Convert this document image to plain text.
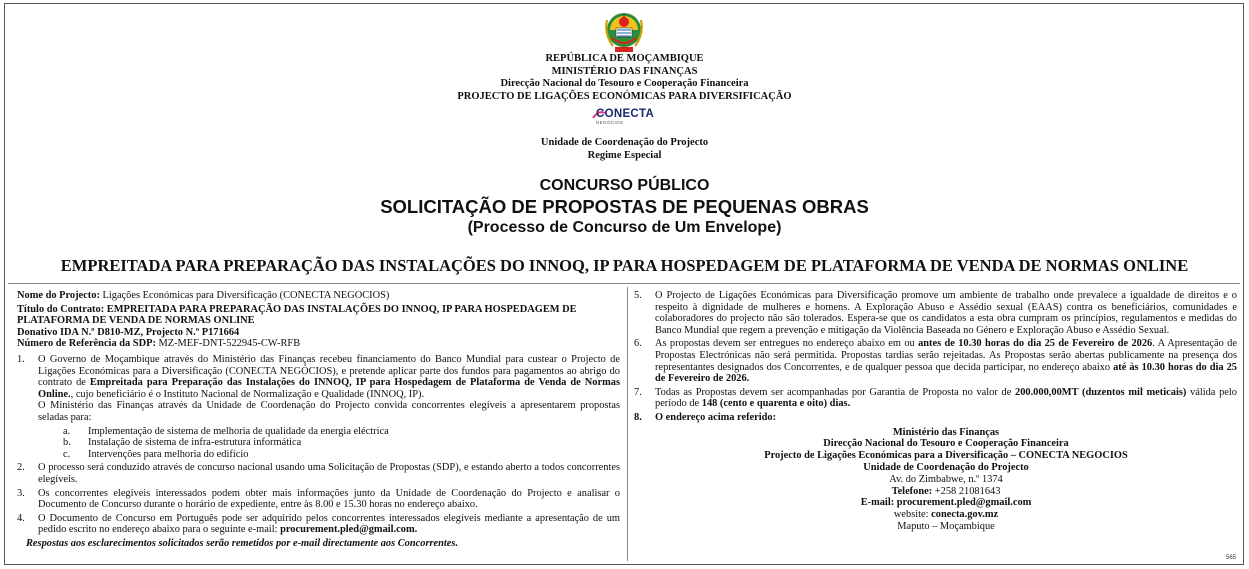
REPÚBLICA DE MOÇAMBIQUE
MINISTÉRIO DAS FINANÇAS
Direcção Nacional do Tesouro e Cooperação Financeira
PROJECTO DE LIGAÇÕES ECONÓMICAS PARA DIVERSIFICAÇÃO
CONECTA
NEGÓCIOS
Unidade de Coordenação do Projecto
Regime Especial
CONCURSO PÚBLICO
SOLICITAÇÃO DE PROPOSTAS DE PEQUENAS OBRAS
(Processo de Concurso de Um Envelope)
EMPREITADA PARA PREPARAÇÃO DAS INSTALAÇÕES DO INNOQ, IP PARA HOSPEDAGEM DE PLATAFORMA DE VENDA DE NORMAS ONLINE
Nome do Projecto: Ligações Económicas para Diversificação (CONECTA NEGOCIOS)
Título do Contrato: EMPREITADA PARA PREPARAÇÃO DAS INSTALAÇÕES DO INNOQ, IP PARA HOSPEDAGEM DE PLATAFORMA DE VENDA DE NORMAS ONLINE
Donativo IDA N.º D810-MZ, Projecto N.º P171664
Número de Referência da SDP: MZ-MEF-DNT-522945-CW-RFB
1.	O Governo de Moçambique através do Ministério das Finanças recebeu financiamento do Banco Mundial para custear o Projecto de Ligações Económicas para a Diversificação (CONECTA NEGÓCIOS), e pretende aplicar parte dos fundos para pagamentos ao abrigo do contrato de Empreitada para Preparação das Instalações do INNOQ, IP para Hospedagem de Plataforma de Venda de Normas Online., cujo beneficiário é o Instituto Nacional de Normalização e Qualidade (INNOQ, IP).
O Ministério das Finanças através da Unidade de Coordenação do Projecto convida concorrentes elegíveis a apresentarem propostas seladas para:
a.	Implementação de sistema de melhoria de qualidade da energia eléctrica
b.	Instalação de sistema de infra-estrutura informática
c.	Intervenções para melhoria do edifício
2.	O processo será conduzido através de concurso nacional usando uma Solicitação de Propostas (SDP), e estando aberto a todos concorrentes elegíveis.
3.	Os concorrentes elegíveis interessados podem obter mais informações junto da Unidade de Coordenação do Projecto e analisar o Documento de Concurso durante o horário de expediente, entre às 8.00 e 15.30 horas no endereço abaixo.
4.	O Documento de Concurso em Português pode ser adquirido pelos concorrentes interessados elegíveis mediante a apresentação de um pedido escrito no endereço abaixo para o seguinte e-mail: procurement.pled@gmail.com.
Respostas aos esclarecimentos solicitados serão remetidos por e-mail directamente aos Concorrentes.
5.	O Projecto de Ligações Económicas para Diversificação promove um ambiente de trabalho onde prevalece a igualdade de direitos e o respeito à dignidade de mulheres e homens. A Exploração Abuso e Assédio sexual (EAAS) contra os beneficiários, comunidades e colaboradores do projecto não são tolerados. Espera-se que os candidatos a esta obra cumpram os princípios, regulamentos e medidas do Banco Mundial que regem a prevenção e mitigação da Violência Baseada no Género e Exploração Abuso e Assédio Sexual.
6.	As propostas devem ser entregues no endereço abaixo em ou antes de 10.30 horas do dia 25 de Fevereiro de 2026. A Apresentação de Propostas Electrónicas não será permitida. Propostas tardias serão rejeitadas. As Propostas serão abertas publicamente na presença dos representantes designados dos Concorrentes, e de qualquer pessoa que decida participar, no endereço abaixo até às 10.30 horas do dia 25 de Fevereiro de 2026.
7.	Todas as Propostas devem ser acompanhadas por Garantia de Proposta no valor de 200.000,00MT (duzentos mil meticais) válida pelo período de 148 (cento e quarenta e oito) dias.
8.	O endereço acima referido:
Ministério das Finanças
Direcção Nacional do Tesouro e Cooperação Financeira
Projecto de Ligações Económicas para a Diversificação – CONECTA NEGOCIOS
Unidade de Coordenação do Projecto
Av. do Zimbabwe, n.º 1374
Telefone: +258 21081643
E-mail: procurement.pled@gmail.com
website: conecta.gov.mz
Maputo – Moçambique
565
